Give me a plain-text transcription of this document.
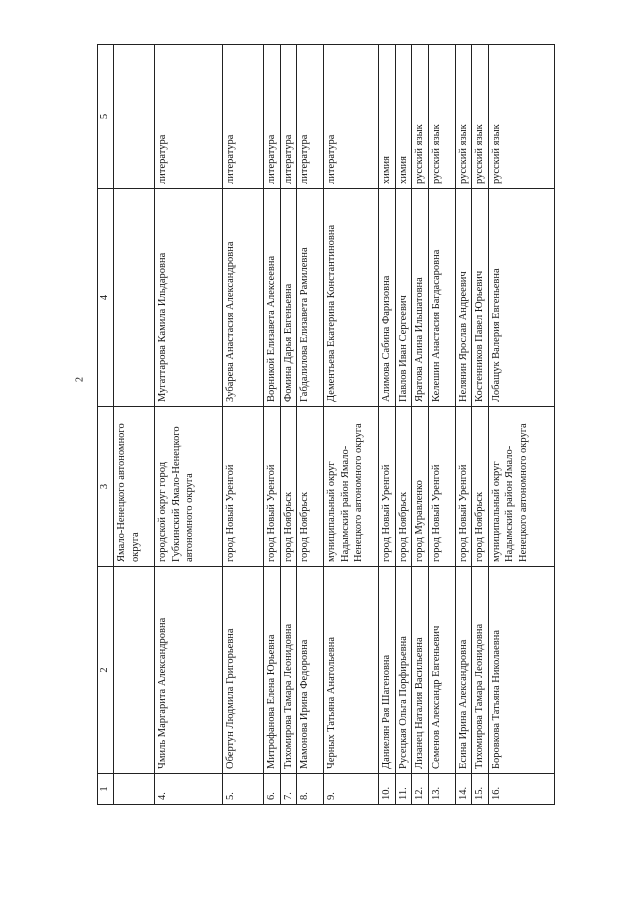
2
1	2	3	4	5
		Ямало-Ненецкого автономного округа		
4.	Чмиль Маргарита Александровна	городской округ город Губкинский Ямало-Ненецкого автономного округа	Мугаттарова Камила Ильдаровна	литература
5.	Обертун Людмила Григорьевна	город Новый Уренгой	Зубарева Анастасия Александровна	литература
6.	Митрофанова Елена Юрьевна	город Новый Уренгой	Ворникой Елизавета Алексеевна	литература
7.	Тихомирова Тамара Леонидовна	город Ноябрьск	Фомина Дарья Евгеньевна	литература
8.	Мамонова Ирина Федоровна	город Ноябрьск	Габдалилова Елизавета Рамилевна	литература
9.	Черных Татьяна Анатольевна	муниципальный округ Надымский район Ямало-Ненецкого автономного округа	Дементьева Екатерина Константиновна	литература
10.	Даниелян Рая Шагеновна	город Новый Уренгой	Алимова Сабина Фаризовна	химия
11.	Русецкая Ольга Порфирьевна	город Ноябрьск	Павлов Иван Сергеевич	химия
12.	Лизанец Наталия Васильевна	город Муравленко	Яратова Алина Ильшатовна	русский язык
13.	Семенов Александр Евгеньевич	город Новый Уренгой	Келешин Анастасия Багдасаровна	русский язык
14.	Есина Ирина Александровна	город Новый Уренгой	Нелянин Ярослав Андреевич	русский язык
15.	Тихомирова Тамара Леонидовна	город Ноябрьск	Костенников Павел Юрьевич	русский язык
16.	Боровкова Татьяна Николаевна	муниципальный округ Надымский район Ямало-Ненецкого автономного округа	Лобащук Валерия Евгеньевна	русский язык
